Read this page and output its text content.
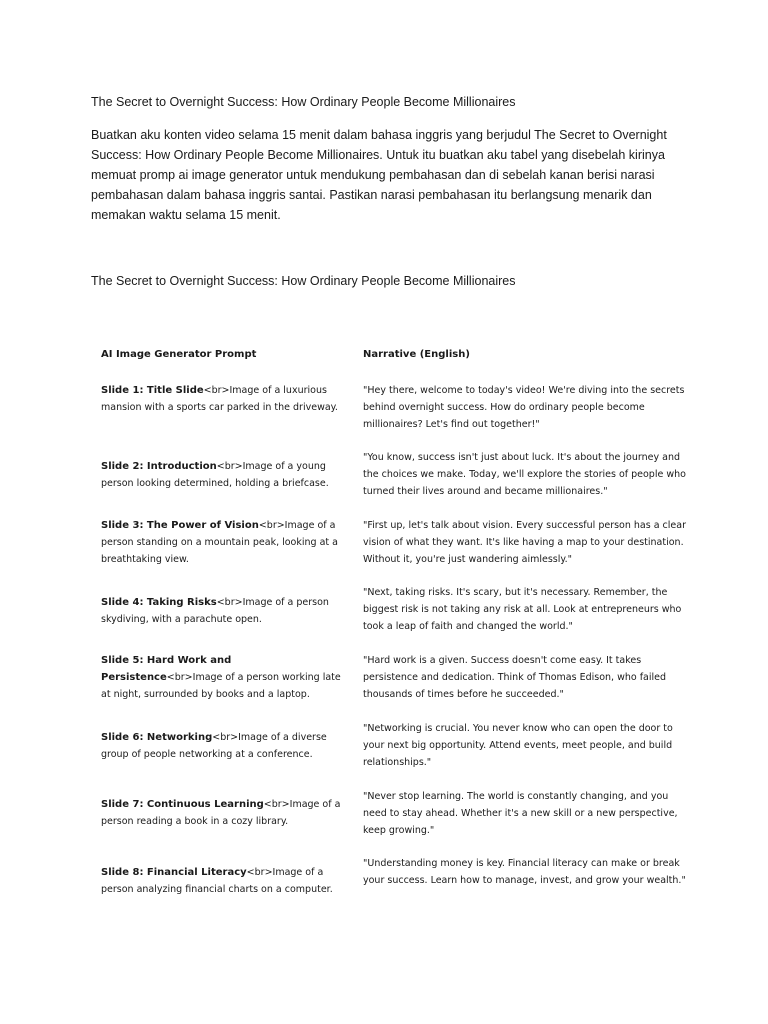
The Secret to Overnight Success: How Ordinary People Become Millionaires
Buatkan aku konten video selama 15 menit dalam bahasa inggris yang berjudul The Secret to Overnight Success: How Ordinary People Become Millionaires. Untuk itu buatkan aku tabel yang disebelah kirinya memuat promp ai image generator untuk mendukung pembahasan dan di sebelah kanan berisi narasi pembahasan dalam bahasa inggris santai. Pastikan narasi pembahasan itu berlangsung menarik dan memakan waktu selama 15 menit.
The Secret to Overnight Success: How Ordinary People Become Millionaires
AI Image Generator Prompt	Narrative (English)
Slide 1: Title Slide<br>Image of a luxurious mansion with a sports car parked in the driveway.
"Hey there, welcome to today's video! We're diving into the secrets behind overnight success. How do ordinary people become millionaires? Let's find out together!"
Slide 2: Introduction<br>Image of a young person looking determined, holding a briefcase.
"You know, success isn't just about luck. It's about the journey and the choices we make. Today, we'll explore the stories of people who turned their lives around and became millionaires."
Slide 3: The Power of Vision<br>Image of a person standing on a mountain peak, looking at a breathtaking view.
"First up, let's talk about vision. Every successful person has a clear vision of what they want. It's like having a map to your destination. Without it, you're just wandering aimlessly."
Slide 4: Taking Risks<br>Image of a person skydiving, with a parachute open.
"Next, taking risks. It's scary, but it's necessary. Remember, the biggest risk is not taking any risk at all. Look at entrepreneurs who took a leap of faith and changed the world."
Slide 5: Hard Work and Persistence<br>Image of a person working late at night, surrounded by books and a laptop.
"Hard work is a given. Success doesn't come easy. It takes persistence and dedication. Think of Thomas Edison, who failed thousands of times before he succeeded."
Slide 6: Networking<br>Image of a diverse group of people networking at a conference.
"Networking is crucial. You never know who can open the door to your next big opportunity. Attend events, meet people, and build relationships."
Slide 7: Continuous Learning<br>Image of a person reading a book in a cozy library.
"Never stop learning. The world is constantly changing, and you need to stay ahead. Whether it's a new skill or a new perspective, keep growing."
Slide 8: Financial Literacy<br>Image of a person analyzing financial charts on a computer.
"Understanding money is key. Financial literacy can make or break your success. Learn how to manage, invest, and grow your wealth."
